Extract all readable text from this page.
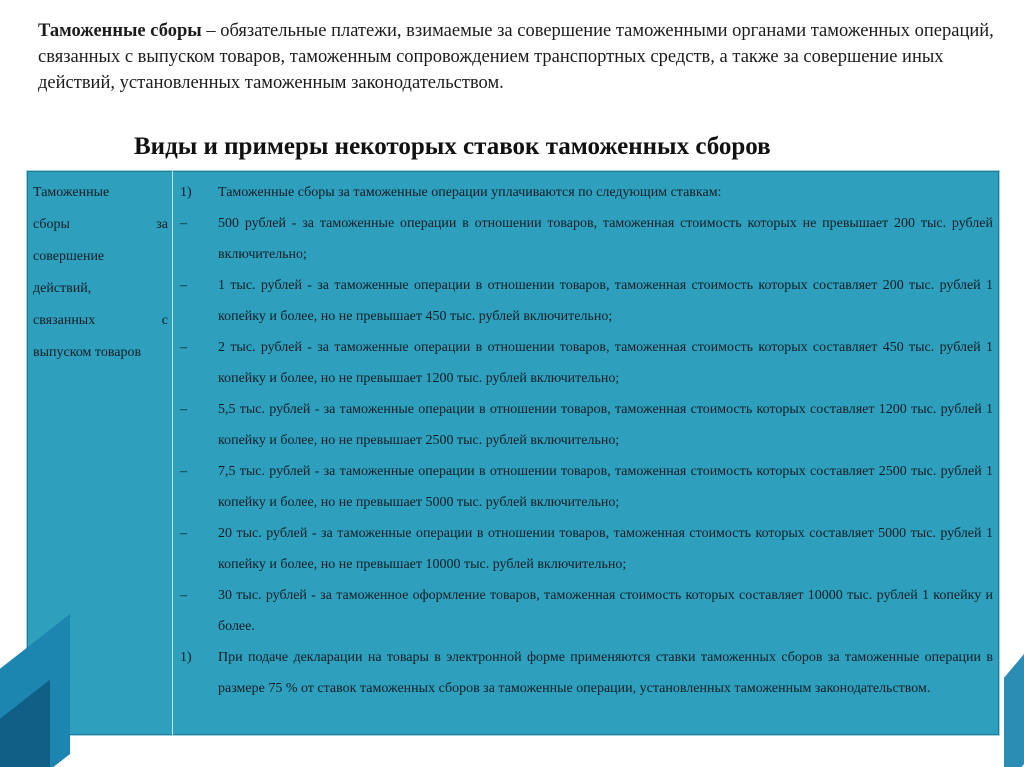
Таможенные сборы – обязательные платежи, взимаемые за совершение таможенными органами таможенных операций, связанных с выпуском товаров, таможенным сопровождением транспортных средств, а также за совершение иных действий, установленных таможенным законодательством.
Виды и примеры некоторых ставок таможенных сборов
Таможенные
сборы	за
совершение
действий,
связанных	с
выпуском товаров
1)	Таможенные сборы за таможенные операции уплачиваются по следующим ставкам:
–	500 рублей - за таможенные операции в отношении товаров, таможенная стоимость которых не превышает 200 тыс. рублей включительно;
–	1 тыс. рублей - за таможенные операции в отношении товаров, таможенная стоимость которых составляет 200 тыс. рублей 1 копейку и более, но не превышает 450 тыс. рублей включительно;
–	2 тыс. рублей - за таможенные операции в отношении товаров, таможенная стоимость которых составляет 450 тыс. рублей 1 копейку и более, но не превышает 1200 тыс. рублей включительно;
–	5,5 тыс. рублей - за таможенные операции в отношении товаров, таможенная стоимость которых составляет 1200 тыс. рублей 1 копейку и более, но не превышает 2500 тыс. рублей включительно;
–	7,5 тыс. рублей - за таможенные операции в отношении товаров, таможенная стоимость которых составляет 2500 тыс. рублей 1 копейку и более, но не превышает 5000 тыс. рублей включительно;
–	20 тыс. рублей - за таможенные операции в отношении товаров, таможенная стоимость которых составляет 5000 тыс. рублей 1 копейку и более, но не превышает 10000 тыс. рублей включительно;
–	30 тыс. рублей - за таможенное оформление товаров, таможенная стоимость которых составляет 10000 тыс. рублей 1 копейку и более.
1)	При подаче декларации на товары в электронной форме применяются ставки таможенных сборов за таможенные операции в размере 75 % от ставок таможенных сборов за таможенные операции, установленных таможенным законодательством.
